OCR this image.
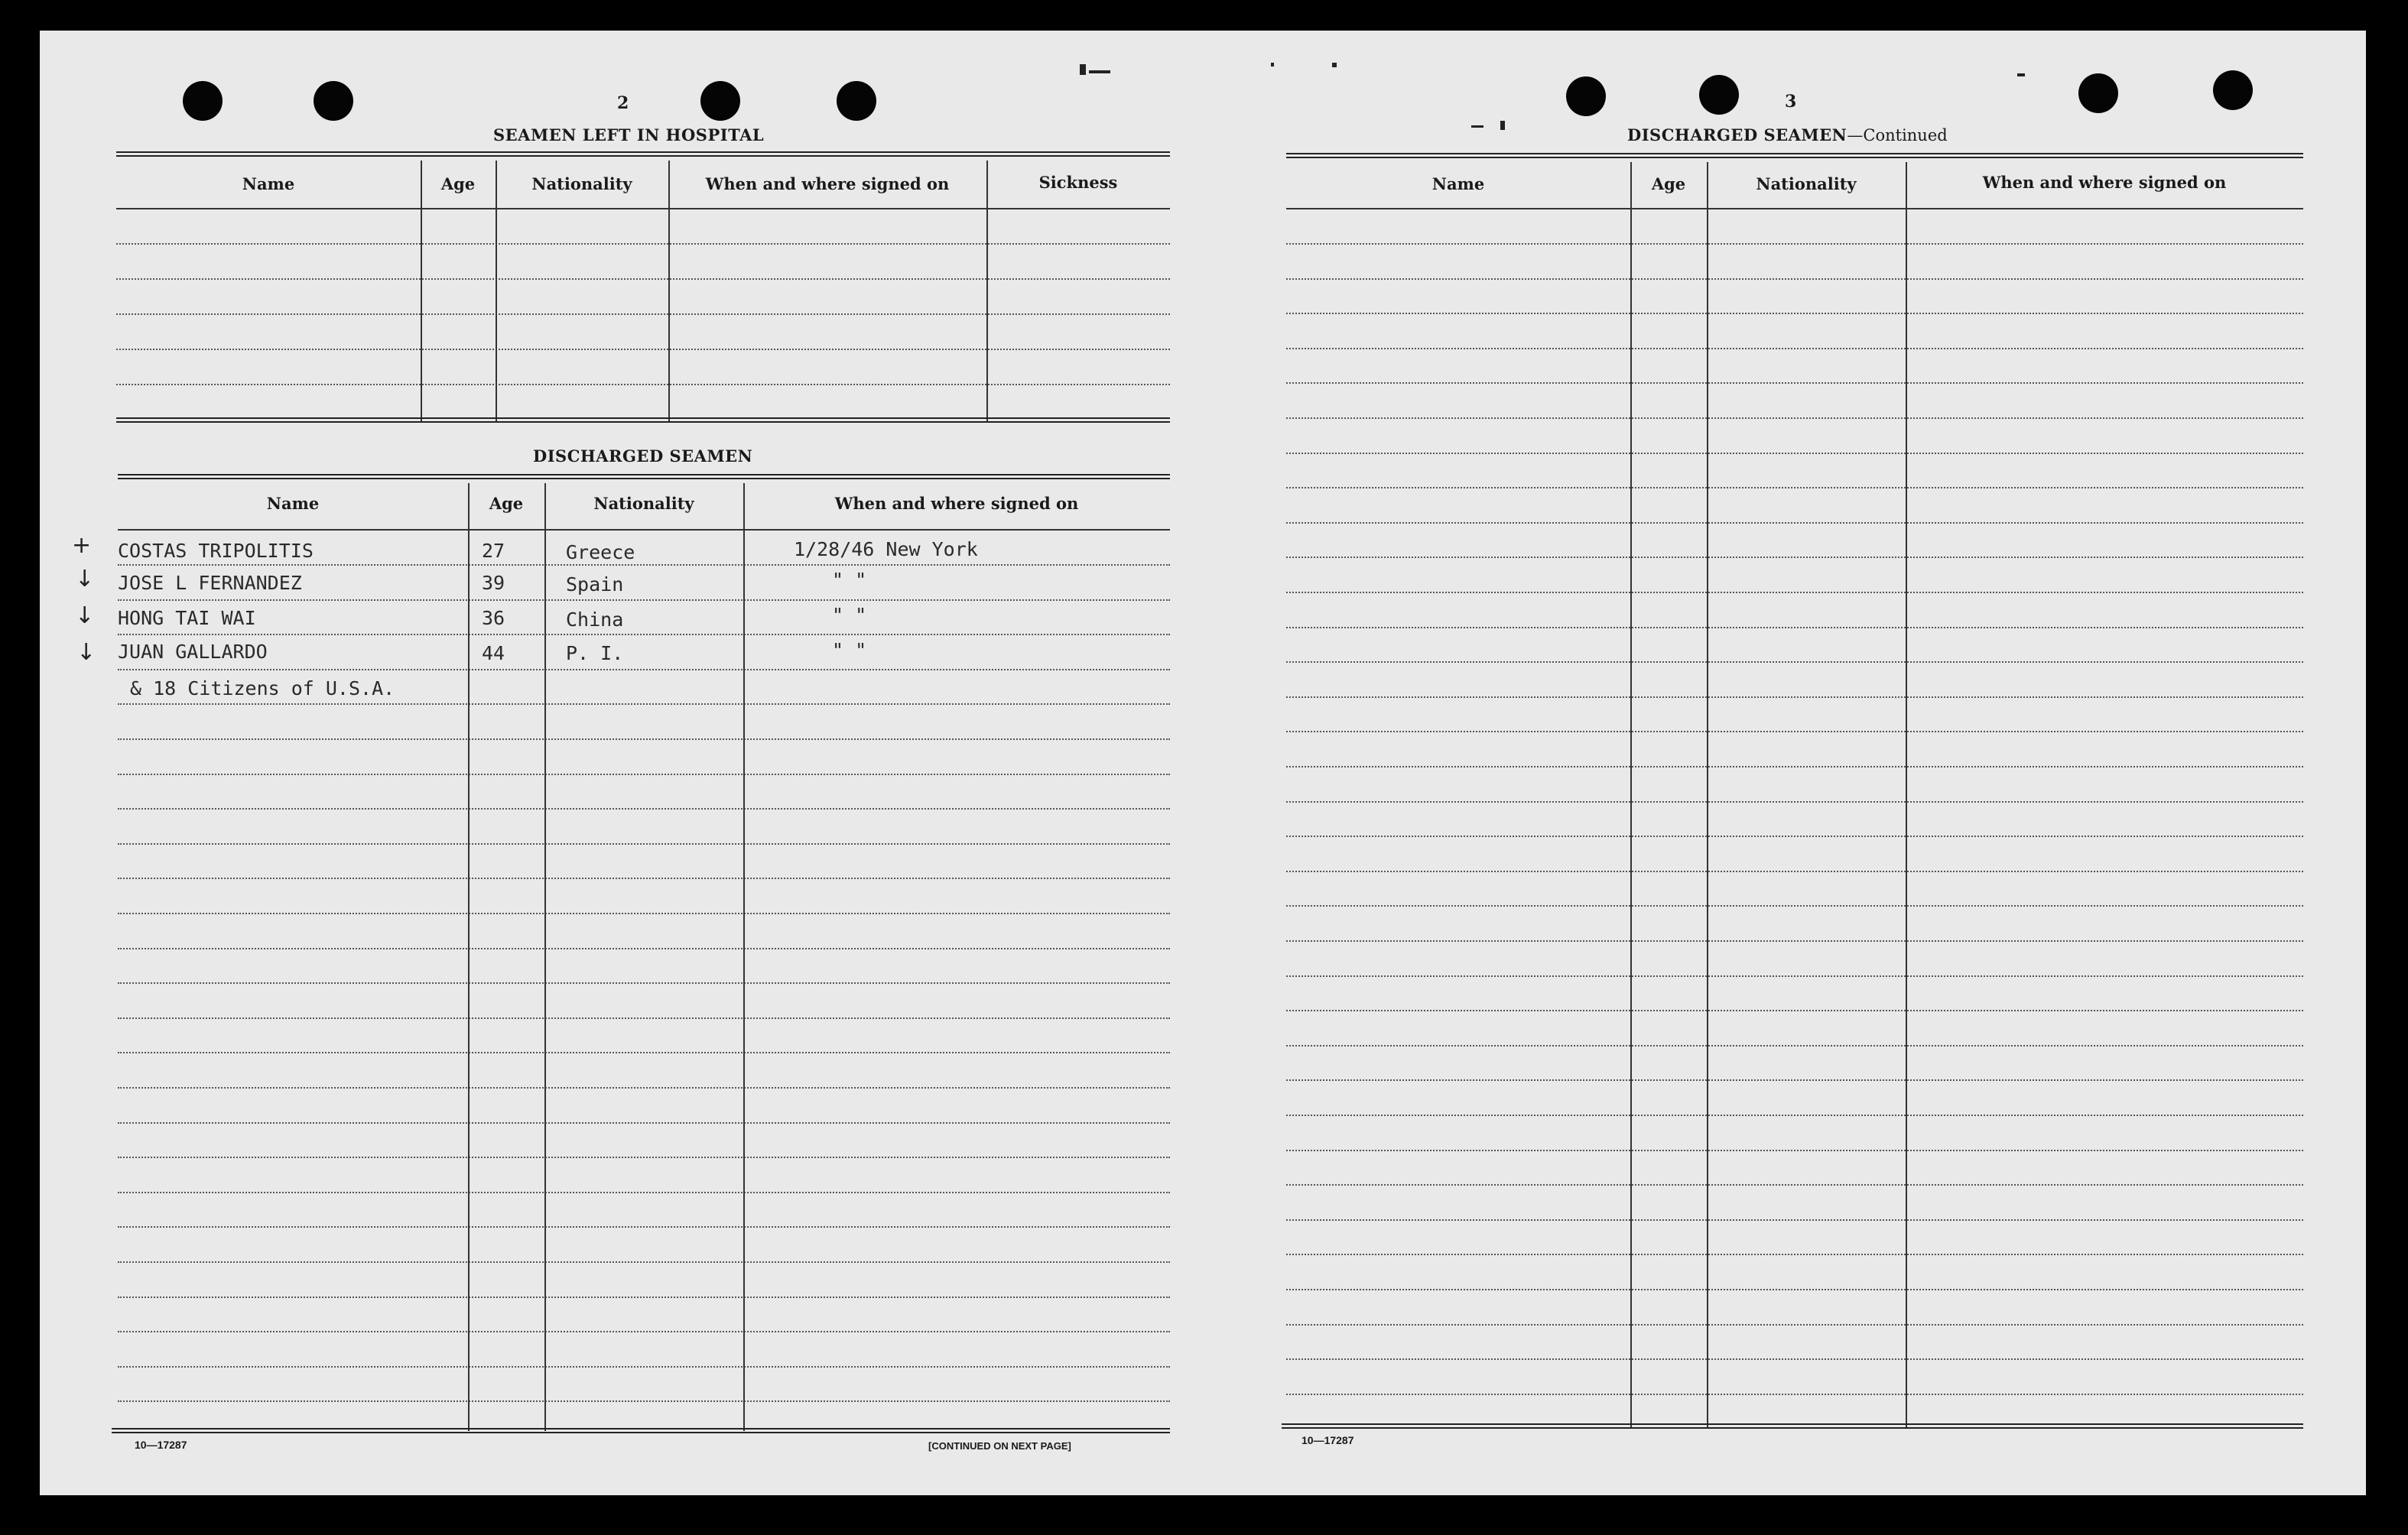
2
SEAMEN LEFT IN HOSPITAL
Name	Age	Nationality	When and where signed on	Sickness
DISCHARGED SEAMEN
Name	Age	Nationality	When and where signed on
+
↓
↓
↓
COSTAS TRIPOLITIS	27	Greece	1/28/46 New York
JOSE L FERNANDEZ	39	Spain	" "
HONG TAI WAI	36	China	" "
JUAN GALLARDO	44	P. I.	" "
& 18 Citizens of U.S.A.
10—17287	[CONTINUED ON NEXT PAGE]
3
DISCHARGED SEAMEN—Continued
Name	Age	Nationality	When and where signed on
10—17287
